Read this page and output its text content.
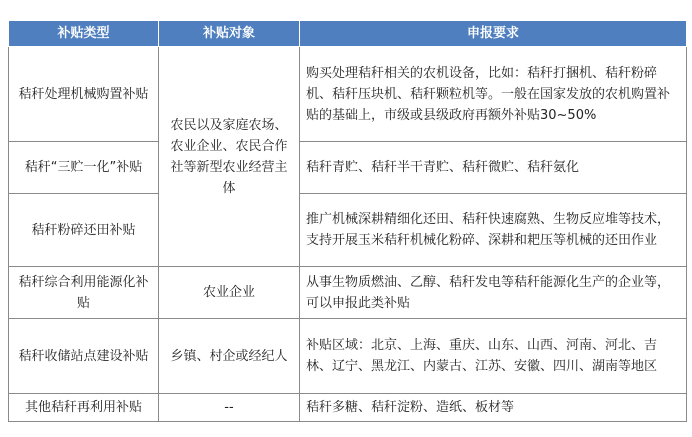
补贴类型	补贴对象	申报要求
秸秆处理机械购置补贴	农民以及家庭农场、农业企业、农民合作社等新型农业经营主体	购买处理秸秆相关的农机设备，比如：秸秆打捆机、秸秆粉碎机、秸秆压块机、秸秆颗粒机等。一般在国家发放的农机购置补贴的基础上，市级或县级政府再额外补贴30~50%
秸秆“三贮一化”补贴		秸秆青贮、秸秆半干青贮、秸秆微贮、秸秆氨化
秸秆粉碎还田补贴		推广机械深耕精细化还田、秸秆快速腐熟、生物反应堆等技术，支持开展玉米秸秆机械化粉碎、深耕和耙压等机械的还田作业
秸秆综合利用能源化补贴	农业企业	从事生物质燃油、乙醇、秸秆发电等秸秆能源化生产的企业等，可以申报此类补贴
秸秆收储站点建设补贴	乡镇、村企或经纪人	补贴区域：北京、上海、重庆、山东、山西、河南、河北、吉林、辽宁、黑龙江、内蒙古、江苏、安徽、四川、湖南等地区
其他秸秆再利用补贴	--	秸秆多糖、秸秆淀粉、造纸、板材等
